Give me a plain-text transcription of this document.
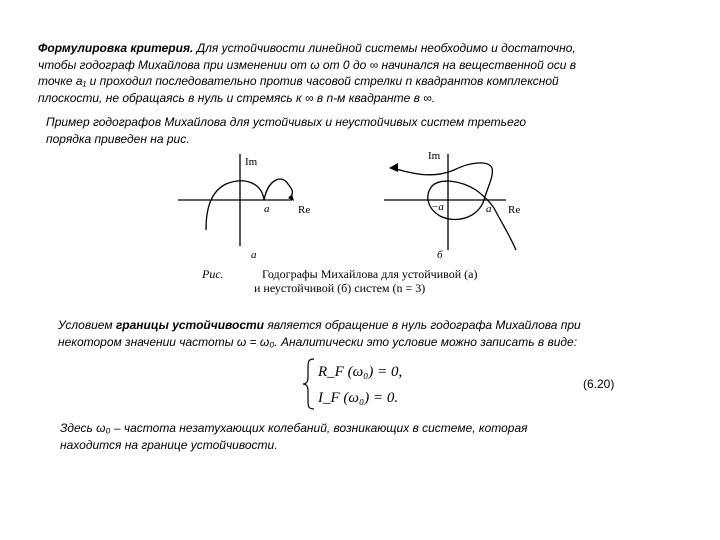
Формулировка критерия. Для устойчивости линейной системы необходимо и достаточно,
чтобы годограф Михайлова при изменении от ω от 0 до ∞ начинался на вещественной оси в
точке a₁ и проходил последовательно против часовой стрелки n квадрантов комплексной
плоскости, не обращаясь в нуль и стремясь к ∞ в n-м квадранте в ∞.
Пример годографов Михайлова для устойчивых и неустойчивых систем третьего
порядка приведен на рис.
Im
Re
a
а
Im
Re
−a	a
б
Рис.	Годографы Михайлова для устойчивой (а)
и неустойчивой (б) систем (n = 3)
Условием границы устойчивости является обращение в нуль годографа Михайлова при
некотором значении частоты ω = ω₀. Аналитически это условие можно записать в виде:
R_F (ω₀) = 0,
I_F (ω₀) = 0.
(6.20)
Здесь ω₀ – частота незатухающих колебаний, возникающих в системе, которая
находится на границе устойчивости.
